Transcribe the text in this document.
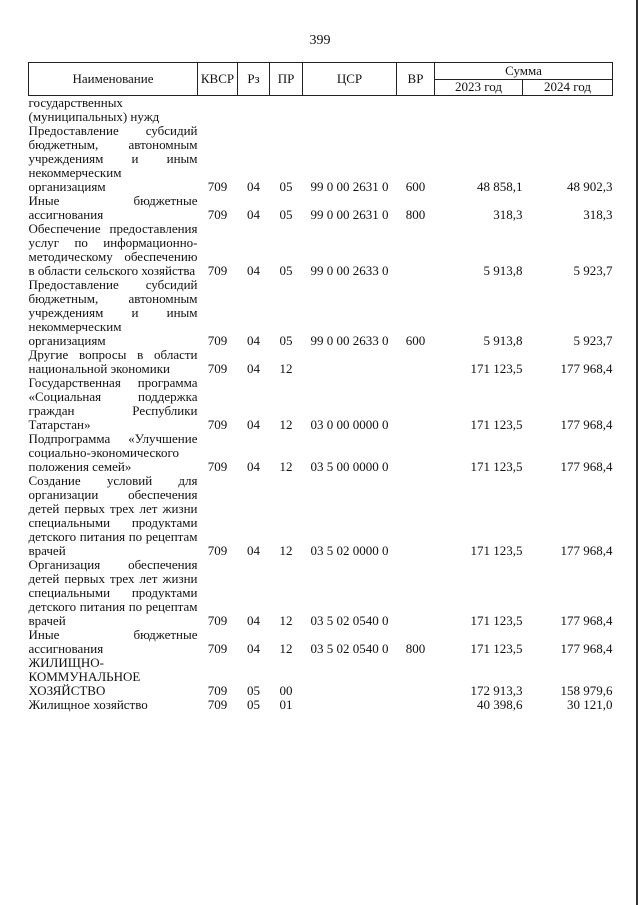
399
Наименование	КВСР	Рз	ПР	ЦСР	ВР	Сумма	
						2023 год	2024 год
государственных (муниципальных) нужд							
Предоставление субсидий бюджетным, автономным учреждениям и иным некоммерческим организациям	709	04	05	99 0 00 2631 0	600	48 858,1	48 902,3
Иные бюджетные ассигнования	709	04	05	99 0 00 2631 0	800	318,3	318,3
Обеспечение предоставления услуг по информационно-методическому обеспечению в области сельского хозяйства	709	04	05	99 0 00 2633 0		5 913,8	5 923,7
Предоставление субсидий бюджетным, автономным учреждениям и иным некоммерческим организациям	709	04	05	99 0 00 2633 0	600	5 913,8	5 923,7
Другие вопросы в области национальной экономики	709	04	12			171 123,5	177 968,4
Государственная программа «Социальная поддержка граждан Республики Татарстан»	709	04	12	03 0 00 0000 0		171 123,5	177 968,4
Подпрограмма «Улучшение социально-экономического положения семей»	709	04	12	03 5 00 0000 0		171 123,5	177 968,4
Создание условий для организации обеспечения детей первых трех лет жизни специальными продуктами детского питания по рецептам врачей	709	04	12	03 5 02 0000 0		171 123,5	177 968,4
Организация обеспечения детей первых трех лет жизни специальными продуктами детского питания по рецептам врачей	709	04	12	03 5 02 0540 0		171 123,5	177 968,4
Иные бюджетные ассигнования	709	04	12	03 5 02 0540 0	800	171 123,5	177 968,4
ЖИЛИЩНО-КОММУНАЛЬНОЕ ХОЗЯЙСТВО	709	05	00			172 913,3	158 979,6
Жилищное хозяйство	709	05	01			40 398,6	30 121,0
